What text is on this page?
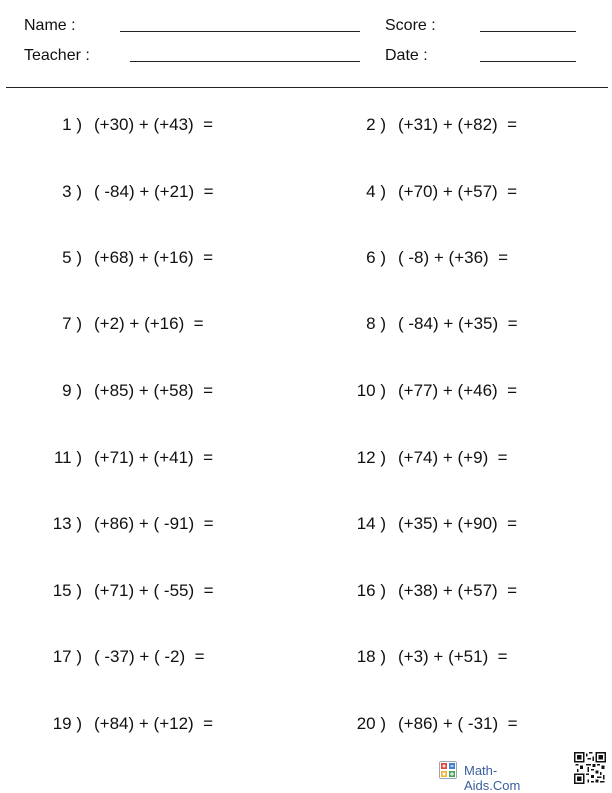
Name :	Score :
Teacher :	Date :
1 ) (+30) + (+43)  =	2 ) (+31) + (+82)  =
3 ) ( -84) + (+21)  =	4 ) (+70) + (+57)  =
5 ) (+68) + (+16)  =	6 ) ( -8) + (+36)  =
7 ) (+2) + (+16)  =	8 ) ( -84) + (+35)  =
9 ) (+85) + (+58)  =	10 ) (+77) + (+46)  =
11 ) (+71) + (+41)  =	12 ) (+74) + (+9)  =
13 ) (+86) + ( -91)  =	14 ) (+35) + (+90)  =
15 ) (+71) + ( -55)  =	16 ) (+38) + (+57)  =
17 ) ( -37) + ( -2)  =	18 ) (+3) + (+51)  =
19 ) (+84) + (+12)  =	20 ) (+86) + ( -31)  =
Math-Aids.Com
